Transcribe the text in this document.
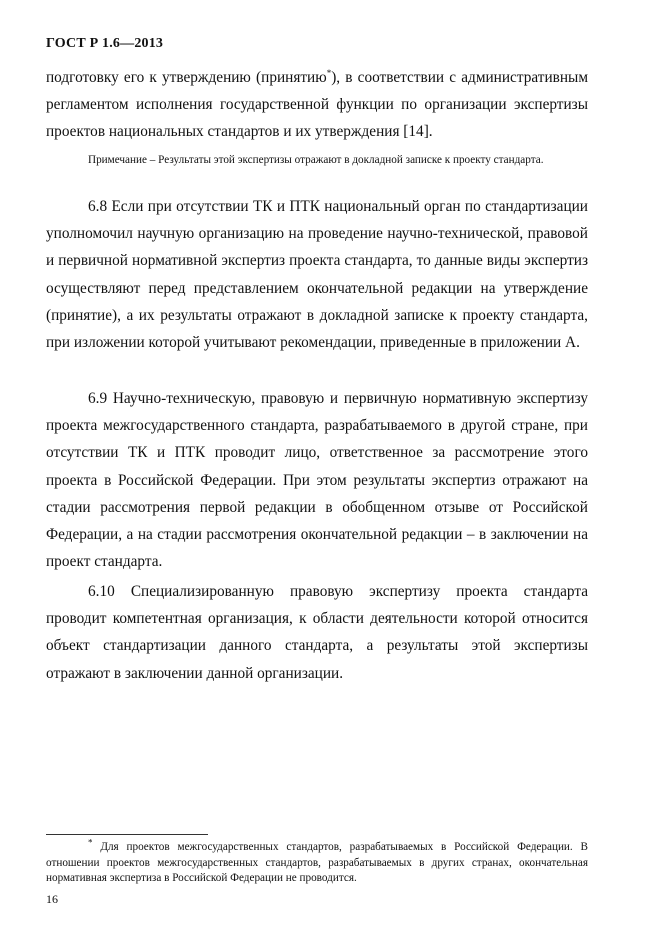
ГОСТ Р 1.6—2013

подготовку его к утверждению (принятию*), в соответствии с административным регламентом исполнения государственной функции по организации экспертизы проектов национальных стандартов и их утверждения [14].

Примечание – Результаты этой экспертизы отражают в докладной записке к проекту стандарта.

6.8 Если при отсутствии ТК и ПТК национальный орган по стандартизации уполномочил научную организацию на проведение научно-технической, правовой и первичной нормативной экспертиз проекта стандарта, то данные виды экспертиз осуществляют перед представлением окончательной редакции на утверждение (принятие), а их результаты отражают в докладной записке к проекту стандарта, при изложении которой учитывают рекомендации, приведенные в приложении А.

6.9 Научно-техническую, правовую и первичную нормативную экспертизу проекта межгосударственного стандарта, разрабатываемого в другой стране, при отсутствии ТК и ПТК проводит лицо, ответственное за рассмотрение этого проекта в Российской Федерации. При этом результаты экспертиз отражают на стадии рассмотрения первой редакции в обобщенном отзыве от Российской Федерации, а на стадии рассмотрения окончательной редакции – в заключении на проект стандарта.

6.10 Специализированную правовую экспертизу проекта стандарта проводит компетентная организация, к области деятельности которой относится объект стандартизации данного стандарта, а результаты этой экспертизы отражают в заключении данной организации.

* Для проектов межгосударственных стандартов, разрабатываемых в Российской Федерации. В отношении проектов межгосударственных стандартов, разрабатываемых в других странах, окончательная нормативная экспертиза в Российской Федерации не проводится.
16
